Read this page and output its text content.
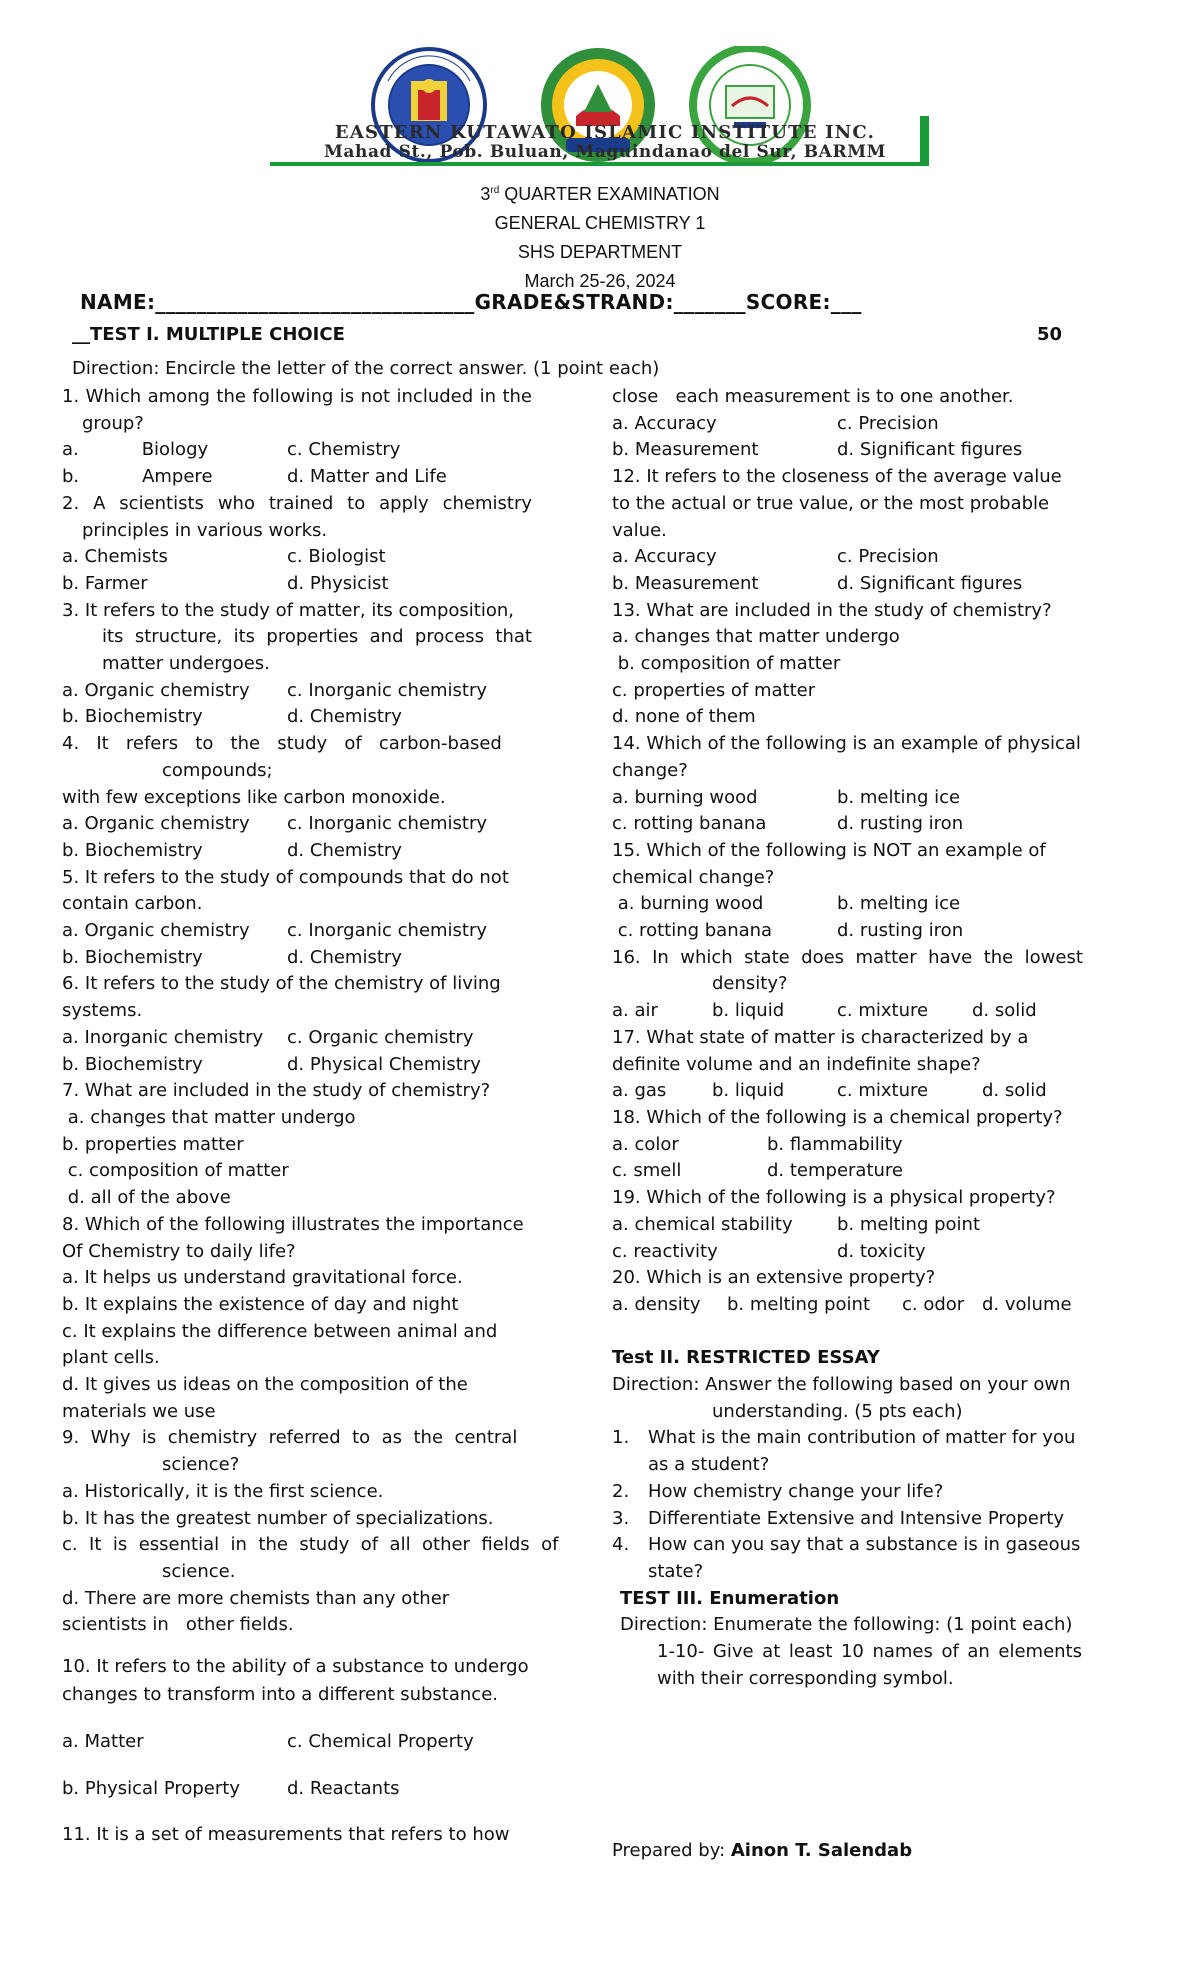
EASTERN KUTAWATO ISLAMIC INSTITUTE INC.
Mahad St., Pob. Buluan, Maguindanao del Sur, BARMM
3rd QUARTER EXAMINATION
GENERAL CHEMISTRY 1
SHS DEPARTMENT
March 25-26, 2024
NAME:_______________________________GRADE&STRAND:_______SCORE:___
__TEST I. MULTIPLE CHOICE	50
Direction: Encircle the letter of the correct answer. (1 point each)

1. Which among the following is not included in the group?

a.           Biology	c. Chemistry
b.           Ampere	d. Matter and Life

2. A scientists who trained to apply chemistry principles in various works.

a. Chemists	c. Biologist
b. Farmer	d. Physicist

3. It refers to the study of matter, its composition,

its structure, its properties and process that matter undergoes.

a. Organic chemistry	c. Inorganic chemistry
b. Biochemistry	d. Chemistry

4.   It   refers   to   the   study   of   carbon-based

compounds;

with few exceptions like carbon monoxide.

a. Organic chemistry	c. Inorganic chemistry
b. Biochemistry	d. Chemistry

5. It refers to the study of compounds that do not contain carbon.

a. Organic chemistry	c. Inorganic chemistry
b. Biochemistry	d. Chemistry

6. It refers to the study of the chemistry of living systems.

a. Inorganic chemistry	c. Organic chemistry
b. Biochemistry	d. Physical Chemistry

7. What are included in the study of chemistry?

a. changes that matter undergo

b. properties matter

c. composition of matter

d. all of the above

8. Which of the following illustrates the importance

Of Chemistry to daily life?

a. It helps us understand gravitational force.

b. It explains the existence of day and night

c. It explains the difference between animal and plant cells.

d. It gives us ideas on the composition of the materials we use

9.  Why  is  chemistry  referred  to  as  the  central

science?

a. Historically, it is the first science.

b. It has the greatest number of specializations.

c.  It  is  essential  in  the  study  of  all  other  fields  of

science.

d. There are more chemists than any other

scientists in   other fields.

10. It refers to the ability of a substance to undergo changes to transform into a different substance.

a. Matter	c. Chemical Property
b. Physical Property	d. Reactants

11. It is a set of measurements that refers to how

close   each measurement is to one another.

a. Accuracy	c. Precision
b. Measurement	d. Significant figures

12. It refers to the closeness of the average value to the actual or true value, or the most probable value.

a. Accuracy	c. Precision
b. Measurement	d. Significant figures

13. What are included in the study of chemistry?

a. changes that matter undergo

b. composition of matter

c. properties of matter

d. none of them

14. Which of the following is an example of physical change?

a. burning wood	b. melting ice
c. rotting banana	d. rusting iron

15. Which of the following is NOT an example of chemical change?

a. burning wood	b. melting ice
c. rotting banana	d. rusting iron

16.  In  which  state  does  matter  have  the  lowest

density?

a. air	b. liquid	c. mixture	d. solid

17. What state of matter is characterized by a definite volume and an indefinite shape?

a. gas	b. liquid	c. mixture	d. solid

18. Which of the following is a chemical property?

a. color	b. flammability
c. smell	d. temperature

19. Which of the following is a physical property?

a. chemical stability	b. melting point
c. reactivity	d. toxicity

20. Which is an extensive property?

a. density	b. melting point	c. odor d. volume

Test II. RESTRICTED ESSAY

Direction: Answer the following based on your own

understanding. (5 pts each)

1.	What is the main contribution of matter for you as a student?
2.	How chemistry change your life?
3.	Differentiate Extensive and Intensive Property
4.	How can you say that a substance is in gaseous state?

TEST III. Enumeration

Direction: Enumerate the following: (1 point each)

1-10- Give at least 10 names of an elements with their corresponding symbol.

Prepared by: Ainon T. Salendab
